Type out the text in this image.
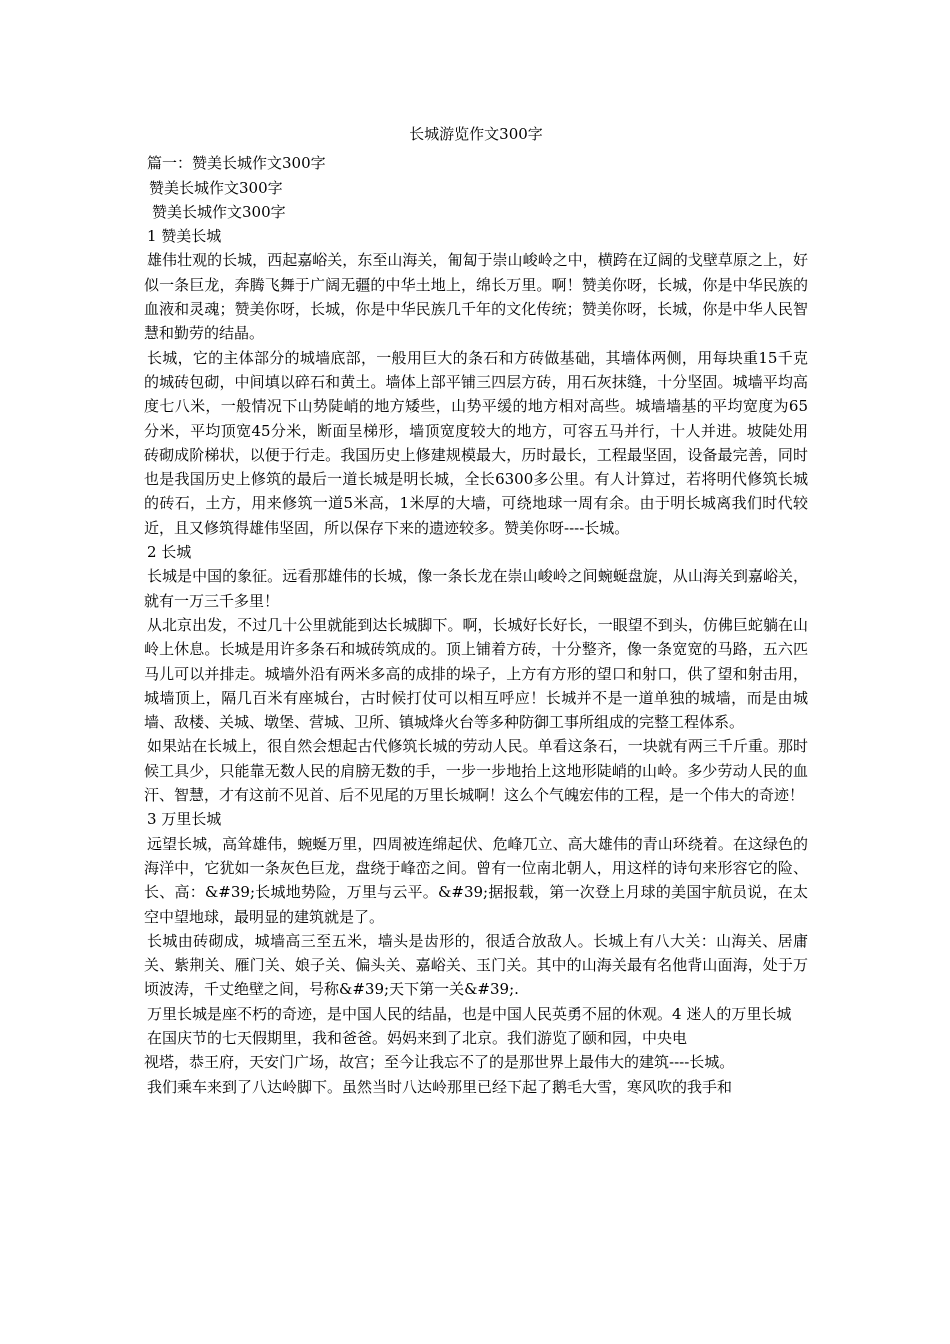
长城游览作文300字

篇一：赞美长城作文300字

赞美长城作文300字

赞美长城作文300字

1 赞美长城

雄伟壮观的长城，西起嘉峪关，东至山海关，匍匐于崇山峻岭之中，横跨在辽阔的戈壁草原之上，好似一条巨龙，奔腾飞舞于广阔无疆的中华土地上，绵长万里。啊！赞美你呀，长城，你是中华民族的血液和灵魂；赞美你呀，长城，你是中华民族几千年的文化传统；赞美你呀，长城，你是中华人民智慧和勤劳的结晶。

长城，它的主体部分的城墙底部，一般用巨大的条石和方砖做基础，其墙体两侧，用每块重15千克的城砖包砌，中间填以碎石和黄土。墙体上部平铺三四层方砖，用石灰抹缝，十分坚固。城墙平均高度七八米，一般情况下山势陡峭的地方矮些，山势平缓的地方相对高些。城墙墙基的平均宽度为65分米，平均顶宽45分米，断面呈梯形，墙顶宽度较大的地方，可容五马并行，十人并进。坡陡处用砖砌成阶梯状，以便于行走。我国历史上修建规模最大，历时最长，工程最坚固，设备最完善，同时也是我国历史上修筑的最后一道长城是明长城，全长6300多公里。有人计算过，若将明代修筑长城的砖石，土方，用来修筑一道5米高，1米厚的大墙，可绕地球一周有余。由于明长城离我们时代较近，且又修筑得雄伟坚固，所以保存下来的遗迹较多。赞美你呀----长城。

2 长城

长城是中国的象征。远看那雄伟的长城，像一条长龙在崇山峻岭之间蜿蜒盘旋，从山海关到嘉峪关，就有一万三千多里！

从北京出发，不过几十公里就能到达长城脚下。啊，长城好长好长，一眼望不到头，仿佛巨蛇躺在山岭上休息。长城是用许多条石和城砖筑成的。顶上铺着方砖，十分整齐，像一条宽宽的马路，五六匹马儿可以并排走。城墙外沿有两米多高的成排的垛子，上方有方形的望口和射口，供了望和射击用，城墙顶上，隔几百米有座城台，古时候打仗可以相互呼应！长城并不是一道单独的城墙，而是由城墙、敌楼、关城、墩堡、营城、卫所、镇城烽火台等多种防御工事所组成的完整工程体系。

如果站在长城上，很自然会想起古代修筑长城的劳动人民。单看这条石，一块就有两三千斤重。那时候工具少，只能靠无数人民的肩膀无数的手，一步一步地抬上这地形陡峭的山岭。多少劳动人民的血汗、智慧，才有这前不见首、后不见尾的万里长城啊！这么个气魄宏伟的工程，是一个伟大的奇迹！

3 万里长城

远望长城，高耸雄伟，蜿蜒万里，四周被连绵起伏、危峰兀立、高大雄伟的青山环绕着。在这绿色的海洋中，它犹如一条灰色巨龙，盘绕于峰峦之间。曾有一位南北朝人，用这样的诗句来形容它的险、长、高：&#39;长城地势险，万里与云平。&#39;据报载，第一次登上月球的美国宇航员说，在太空中望地球，最明显的建筑就是了。

长城由砖砌成，城墙高三至五米，墙头是齿形的，很适合放敌人。长城上有八大关：山海关、居庸关、紫荆关、雁门关、娘子关、偏头关、嘉峪关、玉门关。其中的山海关最有名他背山面海，处于万顷波涛，千丈绝壁之间，号称&#39;天下第一关&#39;.

万里长城是座不朽的奇迹，是中国人民的结晶，也是中国人民英勇不屈的休观。4 迷人的万里长城

在国庆节的七天假期里，我和爸爸。妈妈来到了北京。我们游览了颐和园，中央电

视塔，恭王府，天安门广场，故宫；至今让我忘不了的是那世界上最伟大的建筑----长城。

我们乘车来到了八达岭脚下。虽然当时八达岭那里已经下起了鹅毛大雪，寒风吹的我手和
